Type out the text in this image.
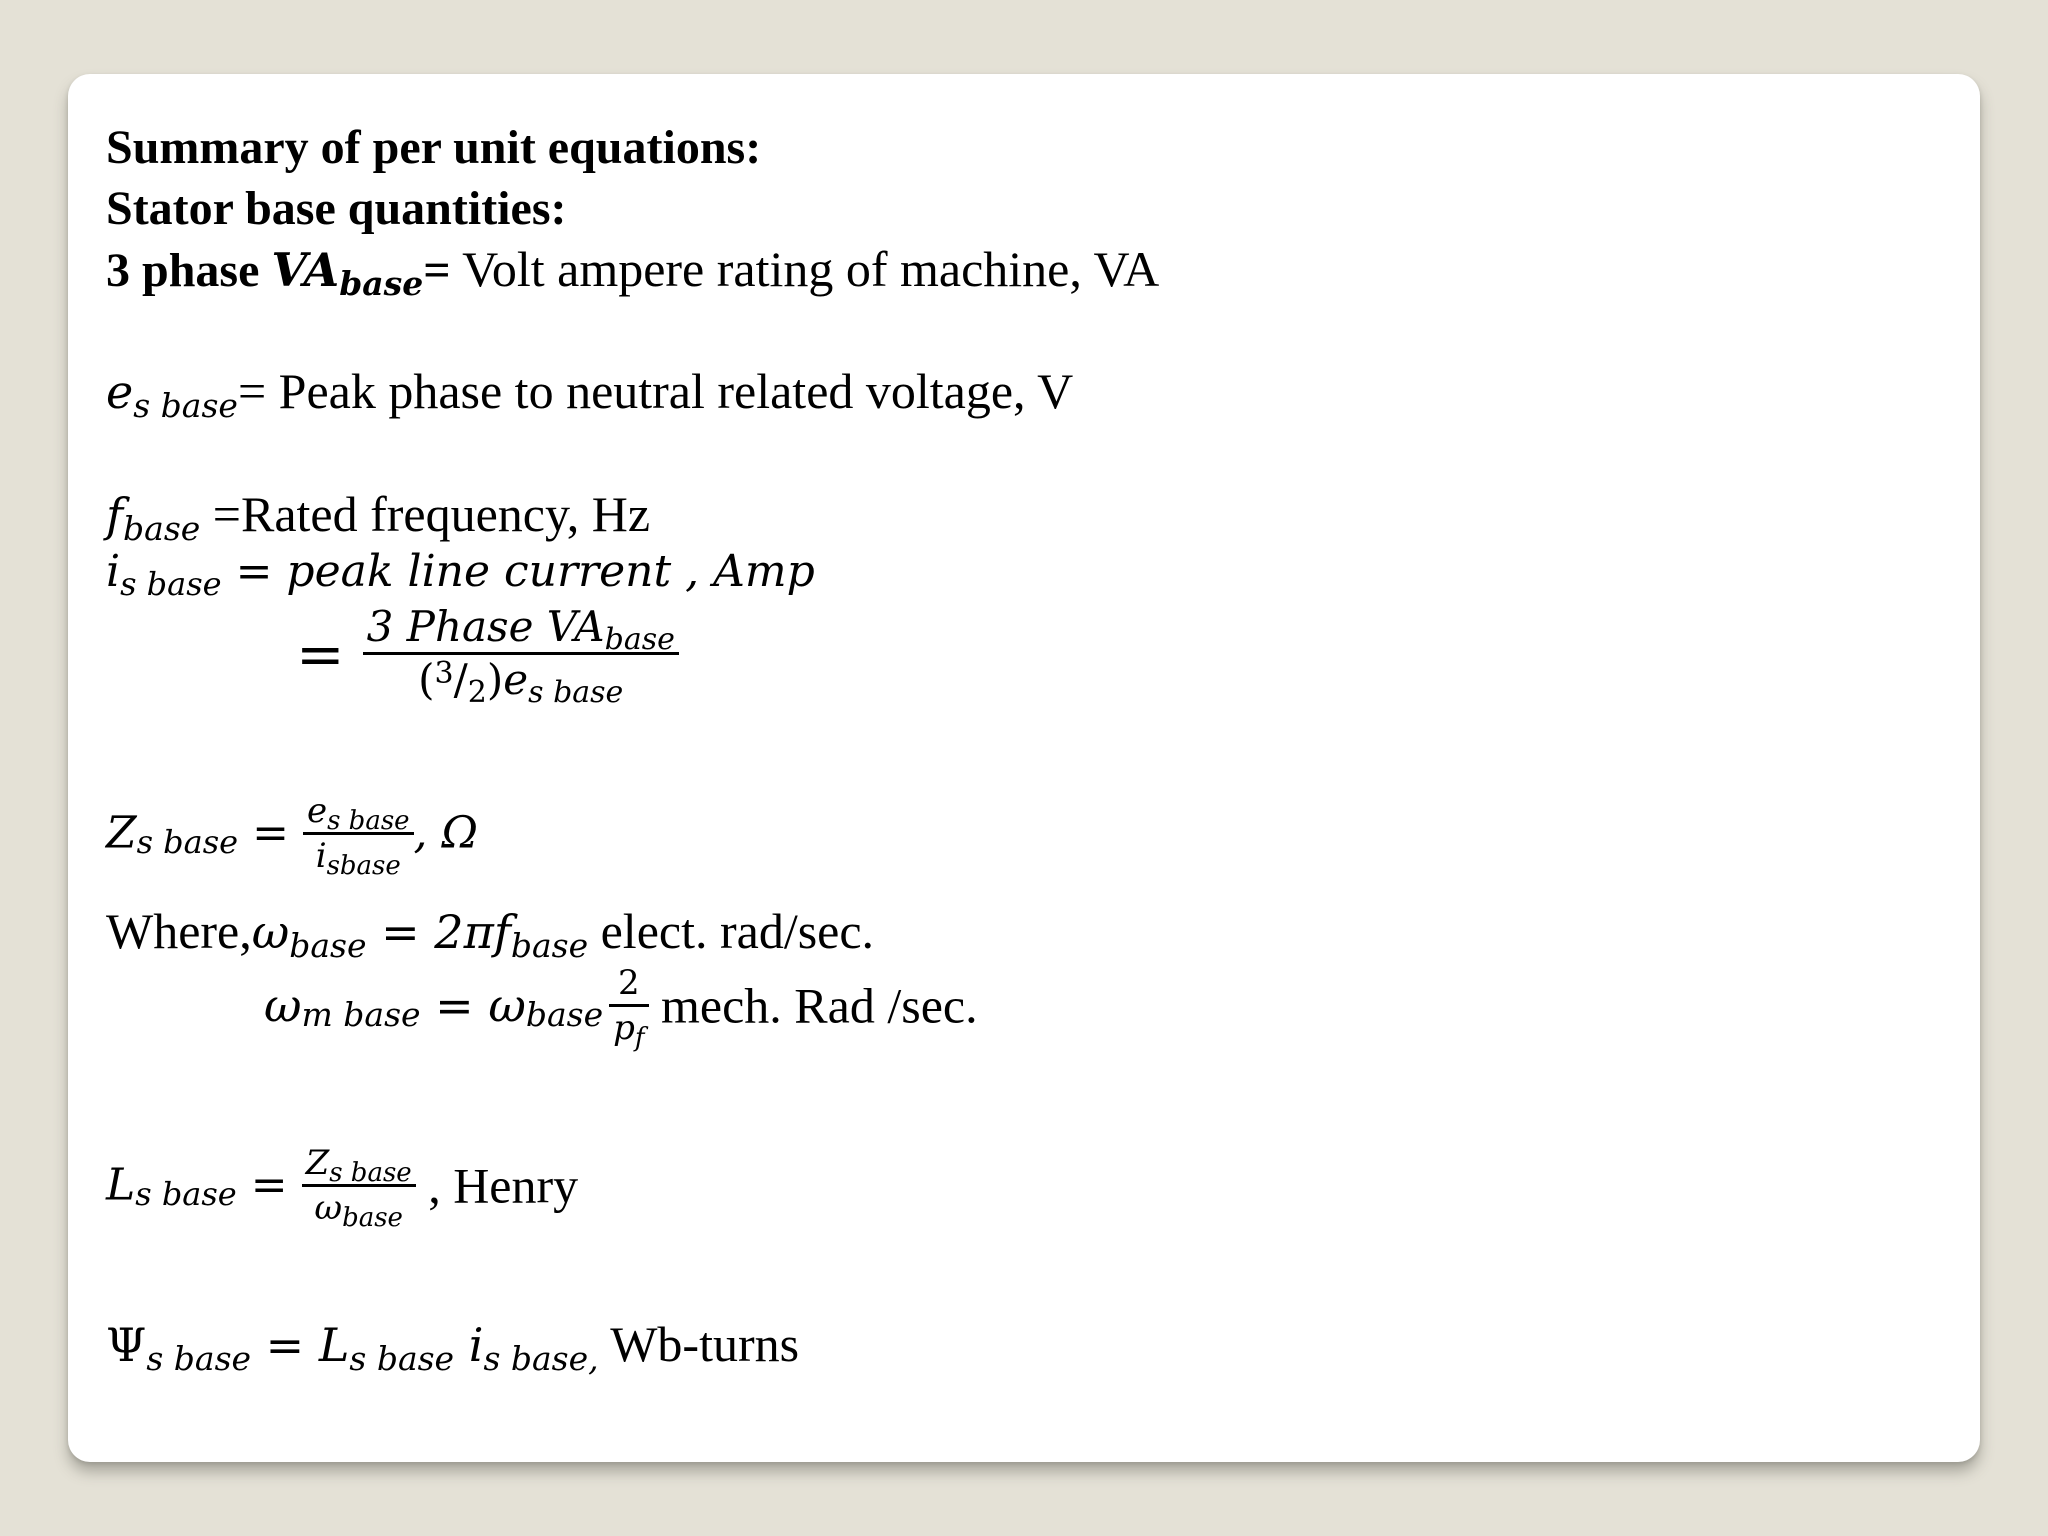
Summary of per unit equations:
Stator base quantities:
3 phase VAbase= Volt ampere rating of machine, VA
es base= Peak phase to neutral related voltage, V
fbase =Rated frequency, Hz
$i_{s base}$ = peak line current , Amp
= $\frac{3 Phase VA_{base}}{(^3/_2)e_{s base}}$
$Z_{s base} = \frac{e_{s base}}{i_{sbase}}$ , Ω
Where,ωbase = 2πfbase elect. rad/sec.
ωm base = ωbase $\frac{2}{p_f}$ mech. Rad /sec.
$L_{s base} = \frac{Z_{s base}}{\omega_{base}}$ , Henry
Ψs base = Ls base is base, Wb-turns
